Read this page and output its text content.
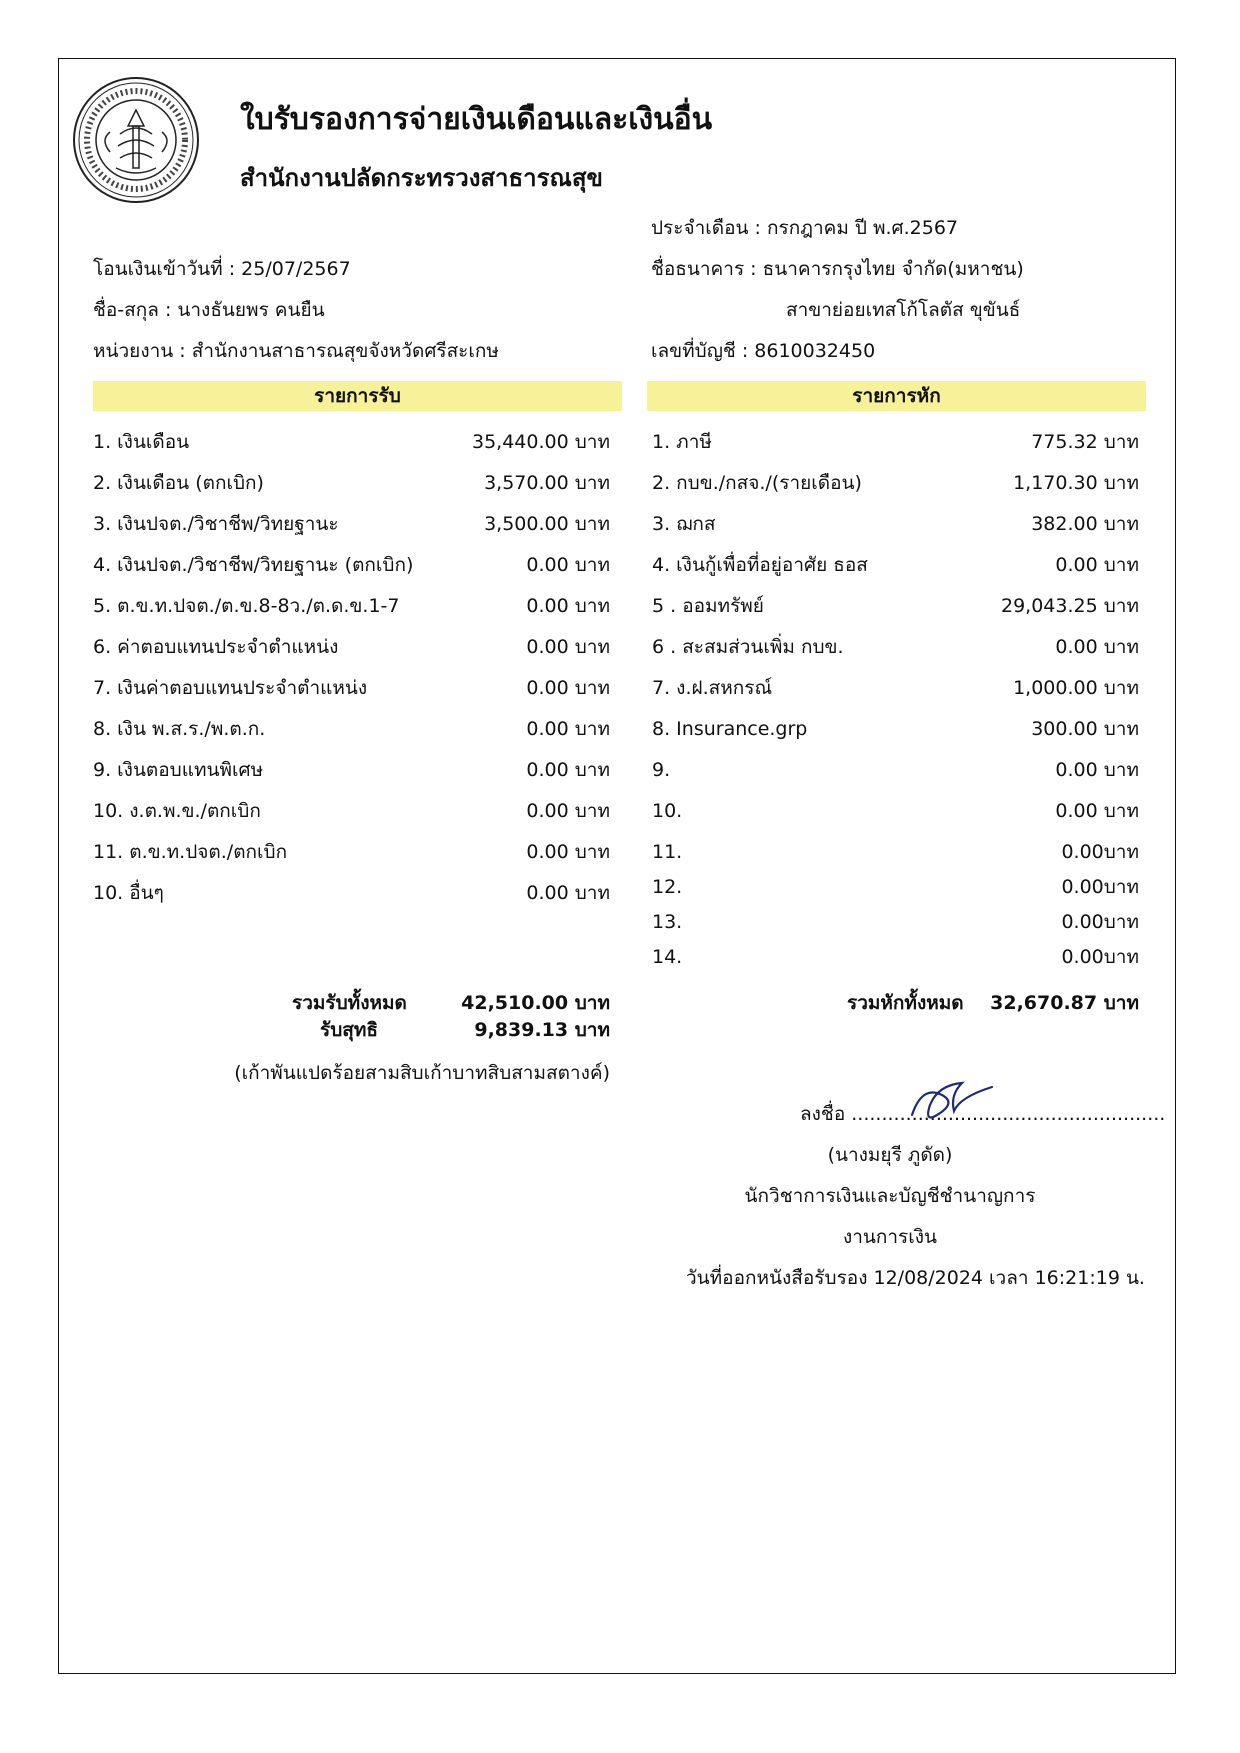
ใบรับรองการจ่ายเงินเดือนและเงินอื่น
สำนักงานปลัดกระทรวงสาธารณสุข
ประจำเดือน : กรกฎาคม ปี พ.ศ.2567
โอนเงินเข้าวันที่ : 25/07/2567	ชื่อธนาคาร : ธนาคารกรุงไทย จำกัด(มหาชน)
ชื่อ-สกุล : นางธันยพร คนยืน	สาขาย่อยเทสโก้โลตัส ขุขันธ์
หน่วยงาน : สำนักงานสาธารณสุขจังหวัดศรีสะเกษ	เลขที่บัญชี : 8610032450
รายการรับ	รายการหัก
1. เงินเดือน	35,440.00 บาท
2. เงินเดือน (ตกเบิก)	3,570.00 บาท
3. เงินปจต./วิชาชีพ/วิทยฐานะ	3,500.00 บาท
4. เงินปจต./วิชาชีพ/วิทยฐานะ (ตกเบิก)	0.00 บาท
5. ต.ข.ท.ปจต./ต.ข.8-8ว./ต.ด.ข.1-7	0.00 บาท
6. ค่าตอบแทนประจำตำแหน่ง	0.00 บาท
7. เงินค่าตอบแทนประจำตำแหน่ง	0.00 บาท
8. เงิน พ.ส.ร./พ.ต.ก.	0.00 บาท
9. เงินตอบแทนพิเศษ	0.00 บาท
10. ง.ต.พ.ข./ตกเบิก	0.00 บาท
11. ต.ข.ท.ปจต./ตกเบิก	0.00 บาท
10. อื่นๆ	0.00 บาท
1. ภาษี	775.32 บาท
2. กบข./กสจ./(รายเดือน)	1,170.30 บาท
3. ฌกส	382.00 บาท
4. เงินกู้เพื่อที่อยู่อาศัย ธอส	0.00 บาท
5 . ออมทรัพย์	29,043.25 บาท
6 . สะสมส่วนเพิ่ม กบข.	0.00 บาท
7. ง.ฝ.สหกรณ์	1,000.00 บาท
8. Insurance.grp	300.00 บาท
9.	0.00 บาท
10.	0.00 บาท
11.	0.00บาท
12.	0.00บาท
13.	0.00บาท
14.	0.00บาท
รวมรับทั้งหมด	42,510.00 บาท
รับสุทธิ	9,839.13 บาท
(เก้าพันแปดร้อยสามสิบเก้าบาทสิบสามสตางค์)
รวมหักทั้งหมด 32,670.87 บาท
ลงชื่อ ....................................................
(นางมยุรี ภูดัด)
นักวิชาการเงินและบัญชีชำนาญการ
งานการเงิน
วันที่ออกหนังสือรับรอง 12/08/2024 เวลา 16:21:19 น.
